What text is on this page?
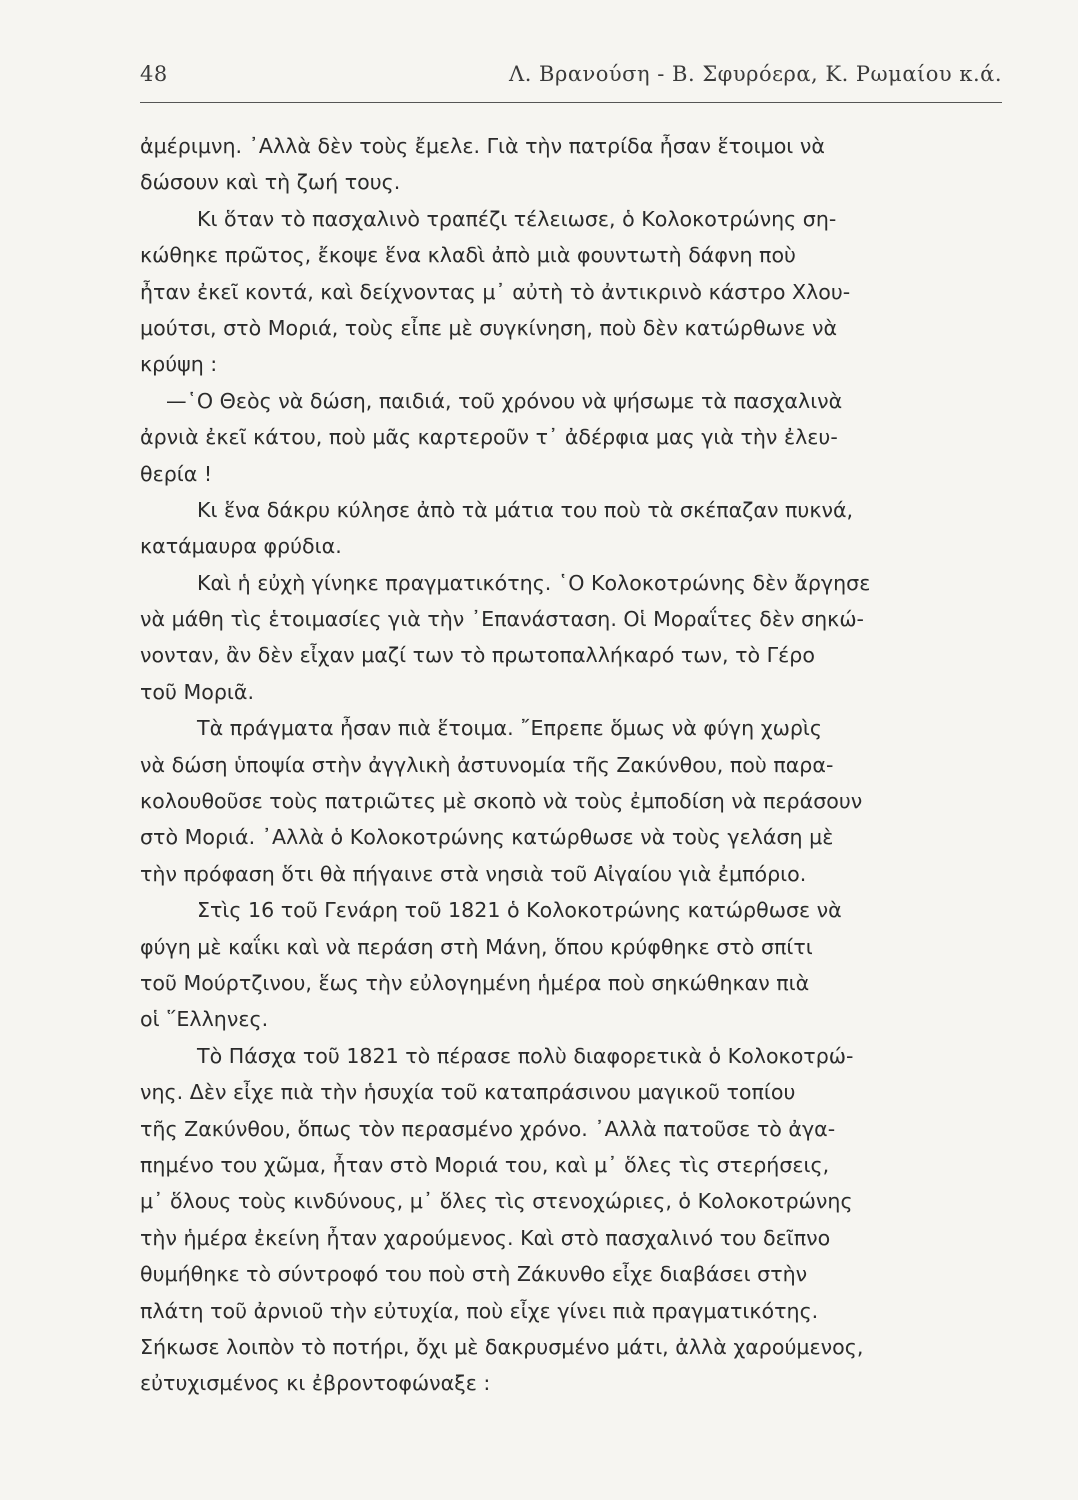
48	Λ. Βρανούση - Β. Σφυρόερα, Κ. Ρωμαίου κ.ά.
ἀμέριμνη. ᾿Αλλὰ δὲν τοὺς ἔμελε. Γιὰ τὴν πατρίδα ἦσαν ἕτοιμοι νὰ
δώσουν καὶ τὴ ζωή τους.
Κι ὅταν τὸ πασχαλινὸ τραπέζι τέλειωσε, ὁ Κολοκοτρώνης ση-
κώθηκε πρῶτος, ἔκοψε ἕνα κλαδὶ ἀπὸ μιὰ φουντωτὴ δάφνη ποὺ
ἦταν ἐκεῖ κοντά, καὶ δείχνοντας μ᾿ αὐτὴ τὸ ἀντικρινὸ κάστρο Χλου-
μούτσι, στὸ Μοριά, τοὺς εἶπε μὲ συγκίνηση, ποὺ δὲν κατώρθωνε νὰ
κρύψη :
—῾Ο Θεὸς νὰ δώση, παιδιά, τοῦ χρόνου νὰ ψήσωμε τὰ πασχαλινὰ
ἀρνιὰ ἐκεῖ κάτου, ποὺ μᾶς καρτεροῦν τ᾿ ἀδέρφια μας γιὰ τὴν ἐλευ-
θερία !
Κι ἕνα δάκρυ κύλησε ἀπὸ τὰ μάτια του ποὺ τὰ σκέπαζαν πυκνά,
κατάμαυρα φρύδια.
Καὶ ἡ εὐχὴ γίνηκε πραγματικότης. ῾Ο Κολοκοτρώνης δὲν ἄργησε
νὰ μάθη τὶς ἑτοιμασίες γιὰ τὴν ᾿Επανάσταση. Οἱ Μοραΐτες δὲν σηκώ-
νονταν, ἂν δὲν εἶχαν μαζί των τὸ πρωτοπαλλήκαρό των, τὸ Γέρο
τοῦ Μοριᾶ.
Τὰ πράγματα ἦσαν πιὰ ἕτοιμα. ῎Επρεπε ὅμως νὰ φύγη χωρὶς
νὰ δώση ὑποψία στὴν ἀγγλικὴ ἀστυνομία τῆς Ζακύνθου, ποὺ παρα-
κολουθοῦσε τοὺς πατριῶτες μὲ σκοπὸ νὰ τοὺς ἐμποδίση νὰ περάσουν
στὸ Μοριά. ᾿Αλλὰ ὁ Κολοκοτρώνης κατώρθωσε νὰ τοὺς γελάση μὲ
τὴν πρόφαση ὅτι θὰ πήγαινε στὰ νησιὰ τοῦ Αἰγαίου γιὰ ἐμπόριο.
Στὶς 16 τοῦ Γενάρη τοῦ 1821 ὁ Κολοκοτρώνης κατώρθωσε νὰ
φύγη μὲ καΐκι καὶ νὰ περάση στὴ Μάνη, ὅπου κρύφθηκε στὸ σπίτι
τοῦ Μούρτζινου, ἕως τὴν εὐλογημένη ἡμέρα ποὺ σηκώθηκαν πιὰ
οἱ ῞Ελληνες.
Τὸ Πάσχα τοῦ 1821 τὸ πέρασε πολὺ διαφορετικὰ ὁ Κολοκοτρώ-
νης. Δὲν εἶχε πιὰ τὴν ἡσυχία τοῦ καταπράσινου μαγικοῦ τοπίου
τῆς Ζακύνθου, ὅπως τὸν περασμένο χρόνο. ᾿Αλλὰ πατοῦσε τὸ ἀγα-
πημένο του χῶμα, ἦταν στὸ Μοριά του, καὶ μ᾿ ὅλες τὶς στερήσεις,
μ᾿ ὅλους τοὺς κινδύνους, μ᾿ ὅλες τὶς στενοχώριες, ὁ Κολοκοτρώνης
τὴν ἡμέρα ἐκείνη ἦταν χαρούμενος. Καὶ στὸ πασχαλινό του δεῖπνο
θυμήθηκε τὸ σύντροφό του ποὺ στὴ Ζάκυνθο εἶχε διαβάσει στὴν
πλάτη τοῦ ἀρνιοῦ τὴν εὐτυχία, ποὺ εἶχε γίνει πιὰ πραγματικότης.
Σήκωσε λοιπὸν τὸ ποτήρι, ὄχι μὲ δακρυσμένο μάτι, ἀλλὰ χαρούμενος,
εὐτυχισμένος κι ἐβροντοφώναξε :
